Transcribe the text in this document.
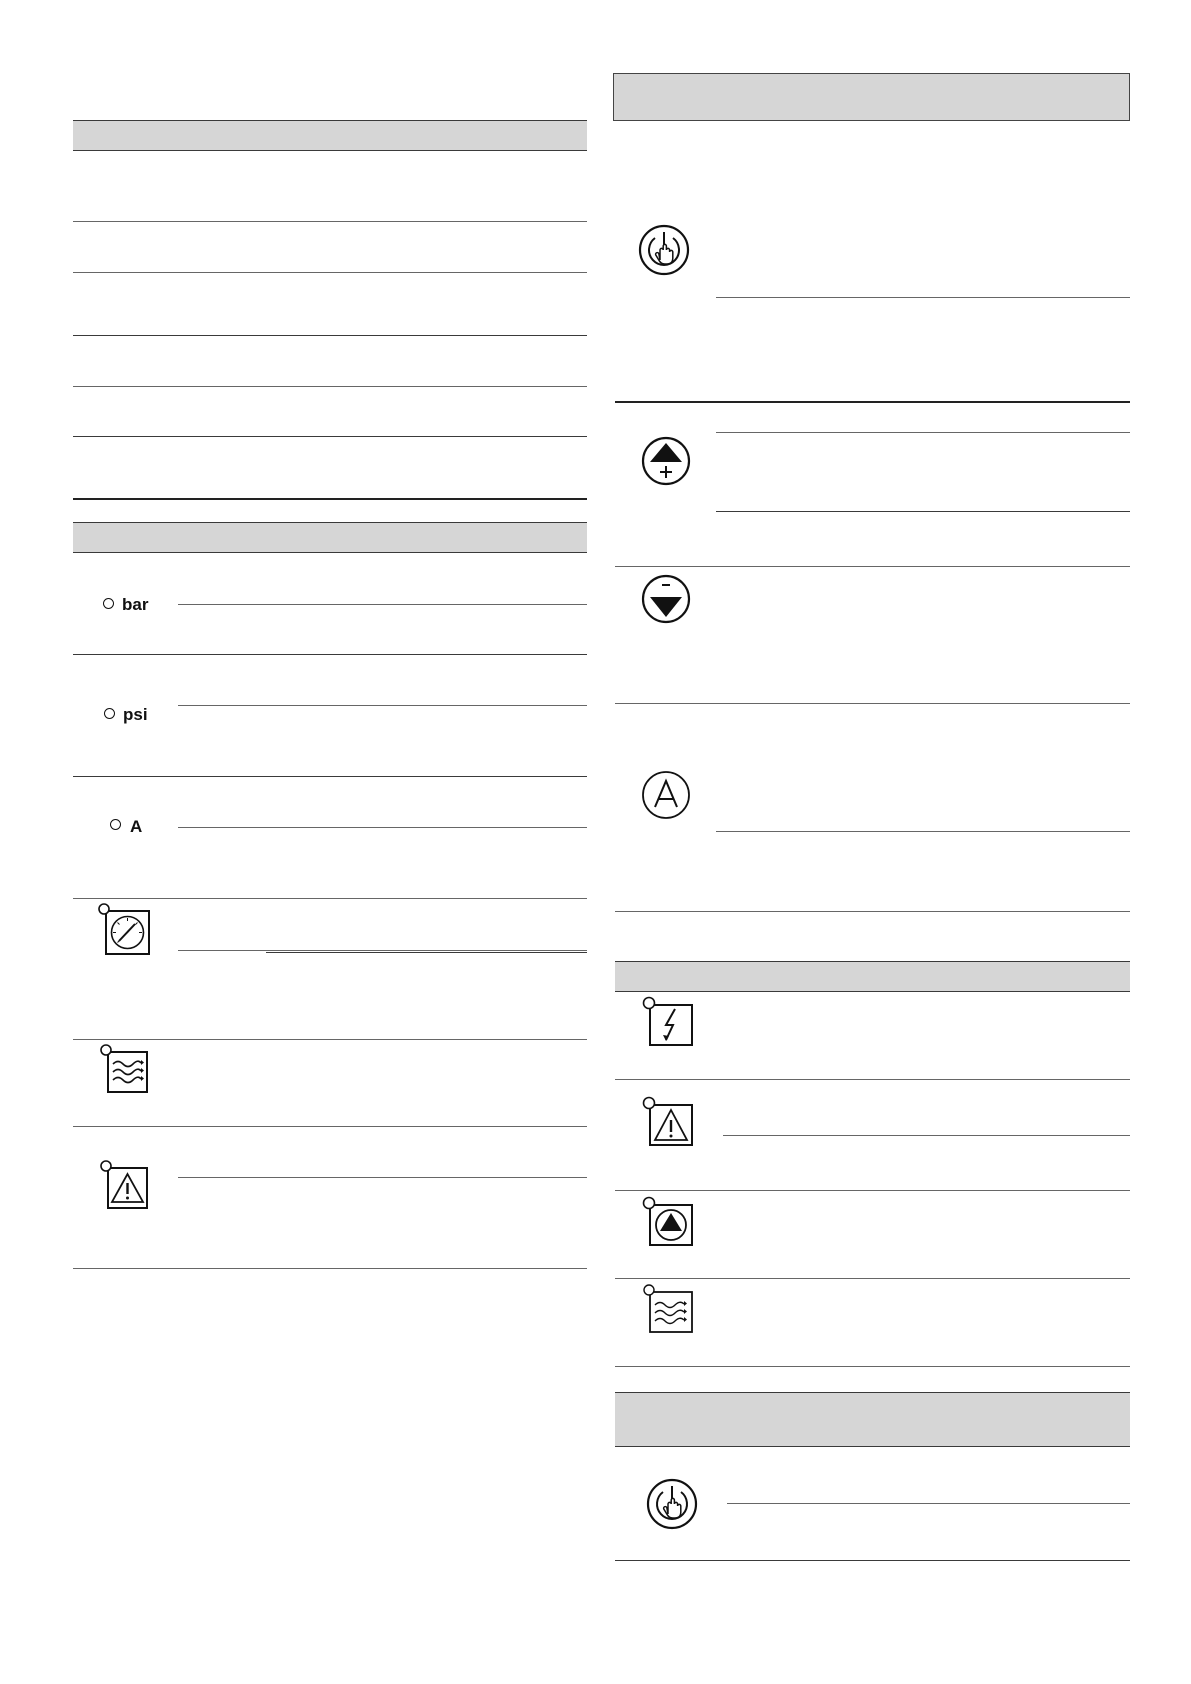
bar
psi
A
